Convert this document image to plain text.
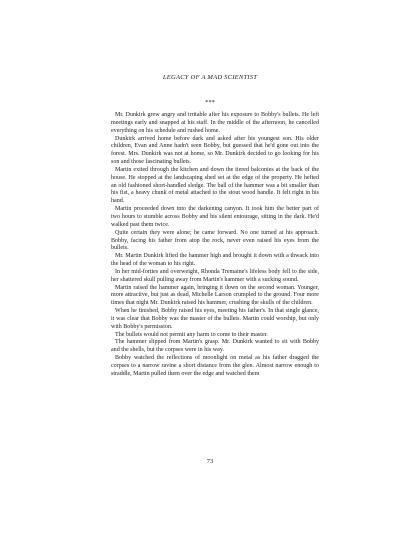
LEGACY OF A MAD SCIENTIST
***

Mr. Dunkirk grew angry and irritable after his exposure to Bobby's bullets. He left meetings early and snapped at his staff. In the middle of the afternoon, he cancelled everything on his schedule and rushed home.

Dunkirk arrived home before dark and asked after his youngest son. His older children, Evan and Anne hadn't seen Bobby, but guessed that he'd gone out into the forest. Mrs. Dunkirk was not at home, so Mr. Dunkirk decided to go looking for his son and those fascinating bullets.

Martin exited through the kitchen and down the tiered balconies at the back of the house. He stopped at the landscaping shed set at the edge of the property. He hefted an old fashioned short-handled sledge. The ball of the hammer was a bit smaller than his fist, a heavy chunk of metal attached to the stout wood handle. It felt right in his hand.

Martin proceeded down into the darkening canyon. It took him the better part of two hours to stumble across Bobby and his silent entourage, sitting in the dark. He'd walked past them twice.

Quite certain they were alone; he came forward. No one turned at his approach. Bobby, facing his father from atop the rock, never even raised his eyes from the bullets.

Mr. Martin Dunkirk lifted the hammer high and brought it down with a thwack into the head of the woman to his right.

In her mid-forties and overweight, Rhonda Tremaine's lifeless body fell to the side, her shattered skull pulling away from Martin's hammer with a sucking sound.

Martin raised the hammer again, bringing it down on the second woman. Younger, more attractive, but just as dead, Michelle Larson crumpled to the ground. Four more times that night Mr. Dunkirk raised his hammer, crushing the skulls of the children.

When he finished, Bobby raised his eyes, meeting his father's. In that single glance, it was clear that Bobby was the master of the bullets. Martin could worship, but only with Bobby's permission.

The bullets would not permit any harm to come to their master.

The hammer slipped from Martin's grasp. Mr. Dunkirk wanted to sit with Bobby and the shells, but the corpses were in his way.

Bobby watched the reflections of moonlight on metal as his father dragged the corpses to a narrow ravine a short distance from the glen. Almost narrow enough to straddle, Martin pulled them over the edge and watched them

73
